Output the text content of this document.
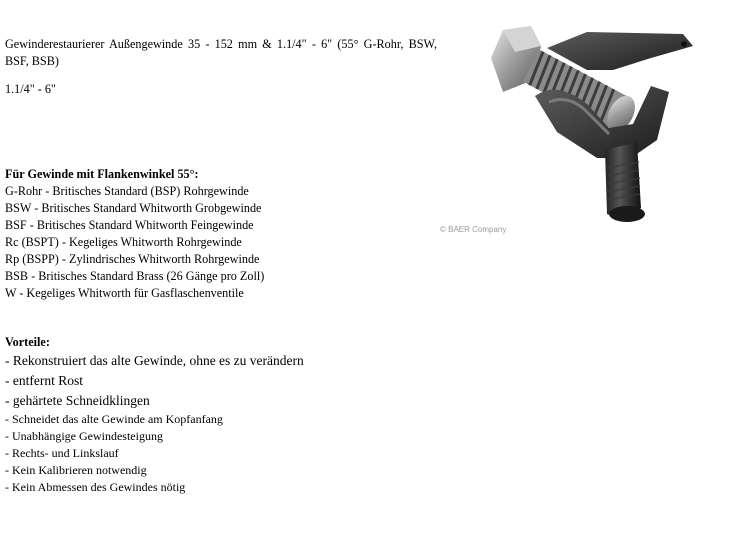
Gewinderestaurierer Außengewinde 35 - 152 mm & 1.1/4" - 6" (55° G-Rohr, BSW, BSF, BSB)
1.1/4" - 6"
Für Gewinde mit Flankenwinkel 55°:
G-Rohr - Britisches Standard (BSP) Rohrgewinde
BSW - Britisches Standard Whitworth Grobgewinde
BSF - Britisches Standard Whitworth Feingewinde
Rc (BSPT) - Kegeliges Whitworth Rohrgewinde
Rp (BSPP) - Zylindrisches Whitworth Rohrgewinde
BSB - Britisches Standard Brass (26 Gänge pro Zoll)
W - Kegeliges Whitworth für Gasflaschenventile
Vorteile:
- Rekonstruiert das alte Gewinde, ohne es zu verändern
- entfernt Rost
- gehärtete Schneidklingen
- Schneidet das alte Gewinde am Kopfanfang
- Unabhängige Gewindesteigung
- Rechts- und Linkslauf
- Kein Kalibrieren notwendig
- Kein Abmessen des Gewindes nötig
© BAER Company
